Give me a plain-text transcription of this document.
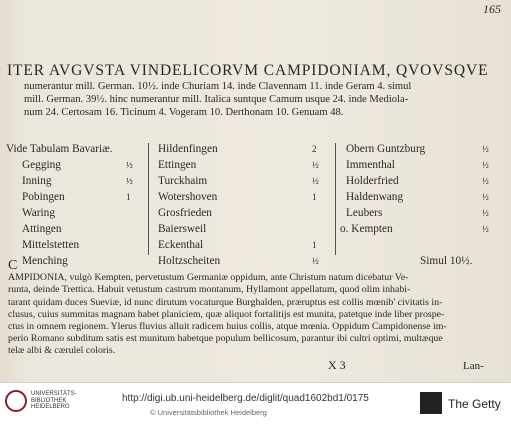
165
ITER AVGVSTA VINDELICORVM CAMPIDONIAM, QVOVSQVE
numerantur mill. German. 10½. inde Churiam 14. inde Clavennam 11. inde Geram 4. simul
mill. German. 39½. hinc numerantur mill. Italica suntque Camum usque 24. inde Mediola-
num 24. Certosam 16. Ticinum 4. Vogeram 10. Derthonam 10. Genuam 48.
Vide Tabulam Bavariæ.
Gegging	½
Inning	½
Pobingen	1
Waring
Attingen
Mittelstetten
Menching
Hildenfingen	2
Ettingen	½
Turckhaim	½
Wotershoven	1
Grosfrieden
Baiersweil
Eckenthal	1
Holtzscheiten	½
Obern Guntzburg	½
Immenthal	½
Holderfried	½
Haldenwang	½
Leubers	½
o. Kempten	½
Simul 10½.
C
AMPIDONIA, vulgò Kempten, pervetustum Germaniæ oppidum, ante Christum natum dicebatur Ve-
runta, deinde Trettica. Habuit vetustum castrum montanum, Hyllamont appellatum, quod olim inhabi-
tarant quidam duces Sueviæ, id nunc dirutum vocaturque Burghalden, præruptus est collis mœnib' civitatis in-
clusus, cuius summitas magnam habet planiciem, quæ aliquot fortalitijs est munita, patetque inde liber prospe-
ctus in omnem regionem. Ylerus fluvius alluit radicem huius collis, atque mœnia. Oppidum Campidonense im-
perio Romano subditum satis est munitum habetque populum bellicosum, parantur ibi cultri optimi, multæque
telæ albi & cæruleî coloris.
X 3	Lan-
UNIVERSITÄTS-
BIBLIOTHEK
HEIDELBERG
http://digi.ub.uni-heidelberg.de/diglit/quad1602bd1/0175
© Universitätsbibliothek Heidelberg
The Getty
